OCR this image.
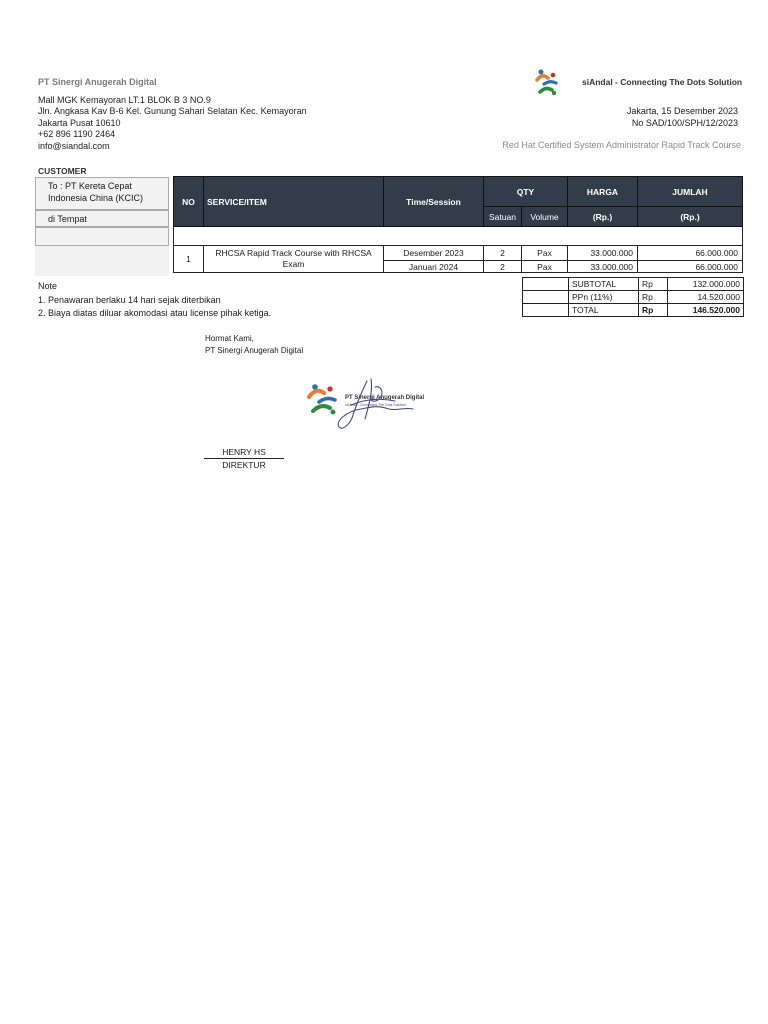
PT Sinergi Anugerah Digital
Mall MGK Kemayoran LT.1 BLOK B 3 NO.9
Jln. Angkasa Kav B-6 Kel. Gunung Sahari Selatan Kec. Kemayoran
Jakarta Pusat 10610
+62 896 1190 2464
info@siandal.com
siAndal - Connecting The Dots Solution
Jakarta, 15 Desember 2023
No SAD/100/SPH/12/2023
Red Hat Certified System Administrator Rapid Track Course
CUSTOMER
To : PT Kereta Cepat
Indonesia China (KCIC)
di Tempat
NO	SERVICE/ITEM	Time/Session	QTY		HARGA	JUMLAH
			Satuan	Volume	(Rp.)	(Rp.)

1	RHCSA Rapid Track Course with RHCSA Exam	Desember 2023	2	Pax	33.000.000	66.000.000
		Januari 2024	2	Pax	33.000.000	66.000.000
Note
1. Penawaran berlaku 14 hari sejak diterbikan
2. Biaya diatas diluar akomodasi atau license pihak ketiga.
	SUBTOTAL	Rp	132.000.000
	PPn (11%)	Rp	14.520.000
	TOTAL	Rp	146.520.000
Hormat Kami,
PT Sinergi Anugerah Digital
PT Sinergi Anugerah Digital
siAndal - Connecting The Dots Solution
HENRY HS
DIREKTUR
